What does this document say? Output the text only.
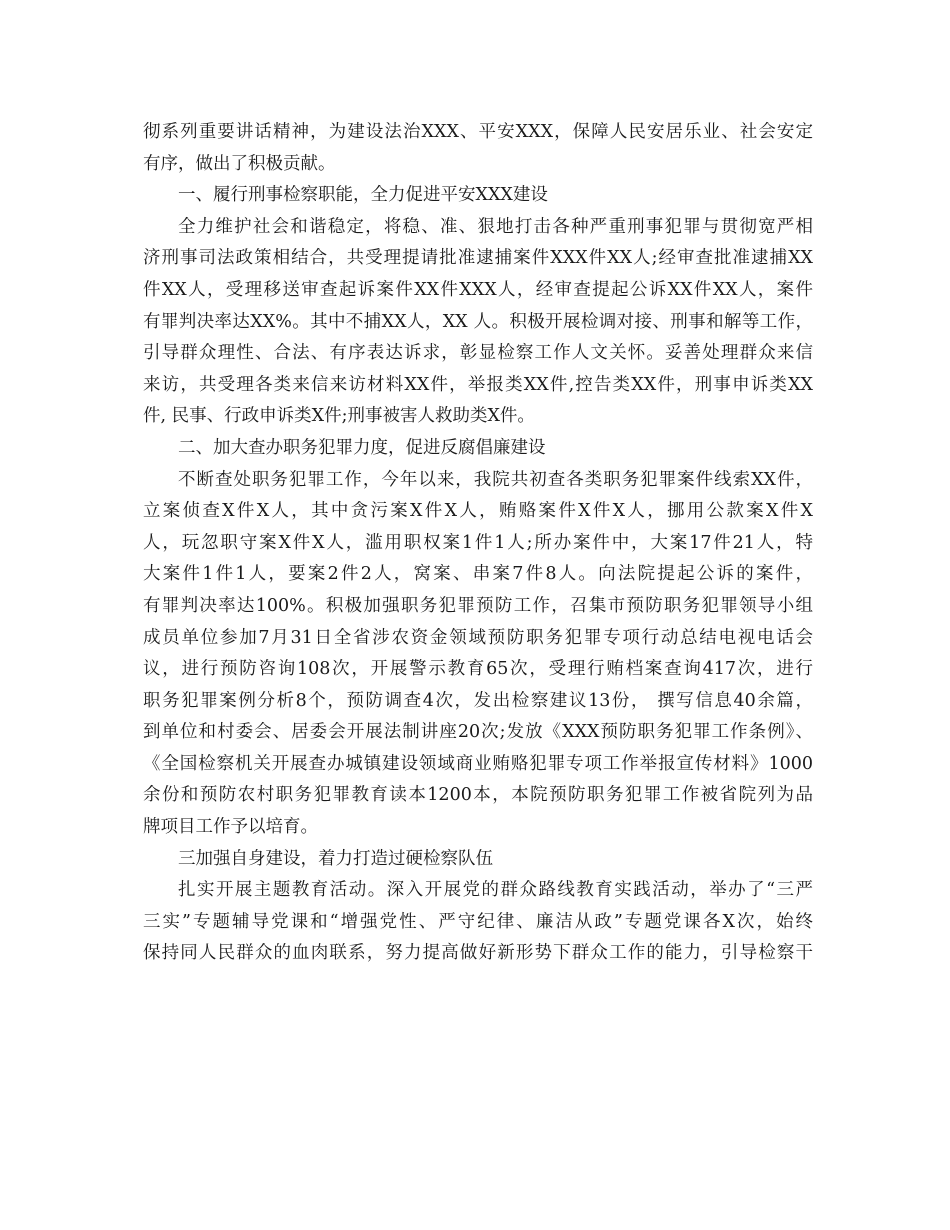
彻系列重要讲话精神，为建设法治XXX、平安XXX，保障人民安居乐业、社会安定
有序，做出了积极贡献。
一、履行刑事检察职能，全力促进平安XXX建设
全力维护社会和谐稳定，将稳、准、狠地打击各种严重刑事犯罪与贯彻宽严相
济刑事司法政策相结合，共受理提请批准逮捕案件XXX件XX人;经审查批准逮捕XX
件XX人，受理移送审查起诉案件XX件XXX人，经审查提起公诉XX件XX人，案件
有罪判决率达XX%。其中不捕XX人，XX 人。积极开展检调对接、刑事和解等工作，
引导群众理性、合法、有序表达诉求，彰显检察工作人文关怀。妥善处理群众来信
来访，共受理各类来信来访材料XX件，举报类XX件,控告类XX件，刑事申诉类XX
件, 民事、行政申诉类X件;刑事被害人救助类X件。
二、加大查办职务犯罪力度，促进反腐倡廉建设
不断查处职务犯罪工作，今年以来，我院共初查各类职务犯罪案件线索XX件，
立案侦查X件X人，其中贪污案X件X人，贿赂案件X件X人，挪用公款案X件X
人，玩忽职守案X件X人，滥用职权案1件1人;所办案件中，大案17件21人，特
大案件1件1人，要案2件2人，窝案、串案7件8人。向法院提起公诉的案件，
有罪判决率达100%。积极加强职务犯罪预防工作，召集市预防职务犯罪领导小组
成员单位参加7月31日全省涉农资金领域预防职务犯罪专项行动总结电视电话会
议，进行预防咨询108次，开展警示教育65次，受理行贿档案查询417次，进行
职务犯罪案例分析8个，预防调查4次，发出检察建议13份， 撰写信息40余篇，
到单位和村委会、居委会开展法制讲座20次;发放《XXX预防职务犯罪工作条例》、
《全国检察机关开展查办城镇建设领域商业贿赂犯罪专项工作举报宣传材料》1000
余份和预防农村职务犯罪教育读本1200本，本院预防职务犯罪工作被省院列为品
牌项目工作予以培育。
三加强自身建设，着力打造过硬检察队伍
扎实开展主题教育活动。深入开展党的群众路线教育实践活动，举办了“三严
三实”专题辅导党课和“增强党性、严守纪律、廉洁从政”专题党课各X次，始终
保持同人民群众的血肉联系，努力提高做好新形势下群众工作的能力，引导检察干
